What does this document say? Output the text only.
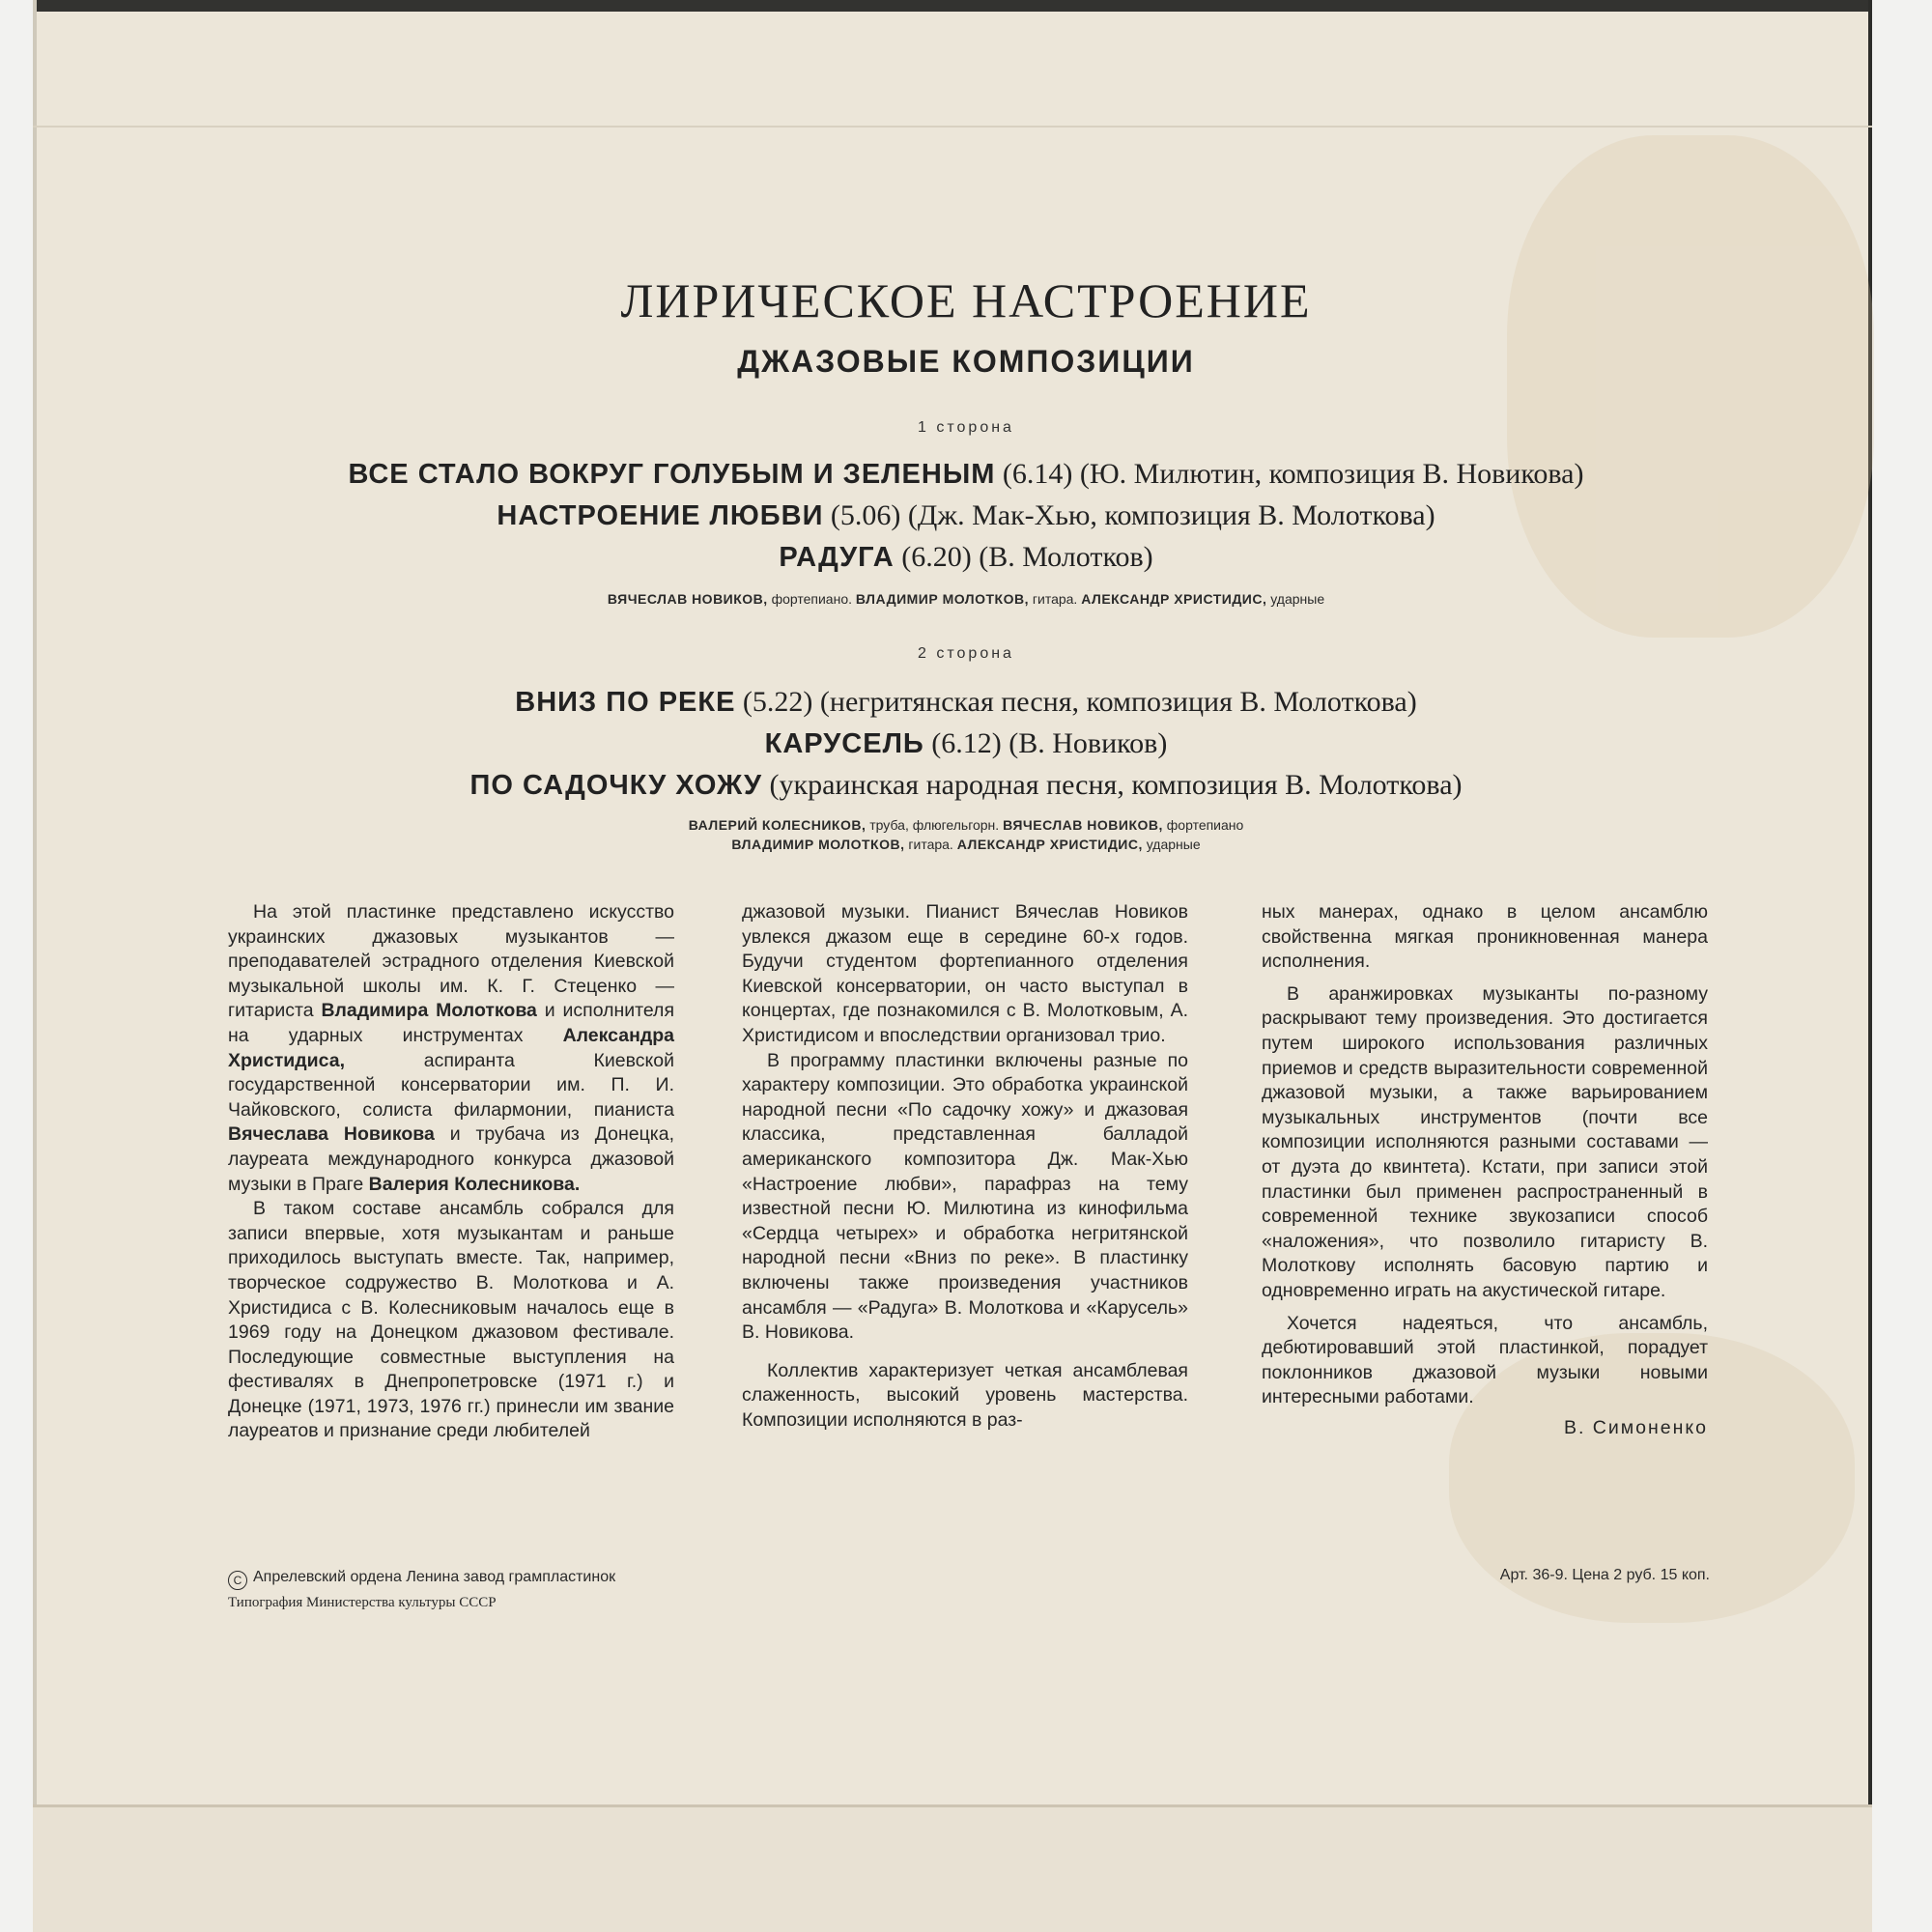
ЛИРИЧЕСКОЕ НАСТРОЕНИЕ
ДЖАЗОВЫЕ КОМПОЗИЦИИ
1 сторона
ВСЕ СТАЛО ВОКРУГ ГОЛУБЫМ И ЗЕЛЕНЫМ (6.14) (Ю. Милютин, композиция В. Новикова)
НАСТРОЕНИЕ ЛЮБВИ (5.06) (Дж. Мак-Хью, композиция В. Молоткова)
РАДУГА (6.20) (В. Молотков)
ВЯЧЕСЛАВ НОВИКОВ, фортепиано. ВЛАДИМИР МОЛОТКОВ, гитара. АЛЕКСАНДР ХРИСТИДИС, ударные
2 сторона
ВНИЗ ПО РЕКЕ (5.22) (негритянская песня, композиция В. Молоткова)
КАРУСЕЛЬ (6.12) (В. Новиков)
ПО САДОЧКУ ХОЖУ (украинская народная песня, композиция В. Молоткова)
ВАЛЕРИЙ КОЛЕСНИКОВ, труба, флюгельгорн. ВЯЧЕСЛАВ НОВИКОВ, фортепиано
ВЛАДИМИР МОЛОТКОВ, гитара. АЛЕКСАНДР ХРИСТИДИС, ударные

На этой пластинке представлено искусство украинских джазовых музыкантов — преподавателей эстрадного отделения Киевской музыкальной школы им. К. Г. Стеценко — гитариста Владимира Молоткова и исполнителя на ударных инструментах Александра Христидиса, аспиранта Киевской государственной консерватории им. П. И. Чайковского, солиста филармонии, пианиста Вячеслава Новикова и трубача из Донецка, лауреата международного конкурса джазовой музыки в Праге Валерия Колесникова.

В таком составе ансамбль собрался для записи впервые, хотя музыкантам и раньше приходилось выступать вместе. Так, например, творческое содружество В. Молоткова и А. Христидиса с В. Колесниковым началось еще в 1969 году на Донецком джазовом фестивале. Последующие совместные выступления на фестивалях в Днепропетровске (1971 г.) и Донецке (1971, 1973, 1976 гг.) принесли им звание лауреатов и признание среди любителей

джазовой музыки. Пианист Вячеслав Новиков увлекся джазом еще в середине 60-х годов. Будучи студентом фортепианного отделения Киевской консерватории, он часто выступал в концертах, где познакомился с В. Молотковым, А. Христидисом и впоследствии организовал трио.

В программу пластинки включены разные по характеру композиции. Это обработка украинской народной песни «По садочку хожу» и джазовая классика, представленная балладой американского композитора Дж. Мак-Хью «Настроение любви», парафраз на тему известной песни Ю. Милютина из кинофильма «Сердца четырех» и обработка негритянской народной песни «Вниз по реке». В пластинку включены также произведения участников ансамбля — «Радуга» В. Молоткова и «Карусель» В. Новикова.

Коллектив характеризует четкая ансамблевая слаженность, высокий уровень мастерства. Композиции исполняются в раз-

ных манерах, однако в целом ансамблю свойственна мягкая проникновенная манера исполнения.

В аранжировках музыканты по-разному раскрывают тему произведения. Это достигается путем широкого использования различных приемов и средств выразительности современной джазовой музыки, а также варьированием музыкальных инструментов (почти все композиции исполняются разными составами — от дуэта до квинтета). Кстати, при записи этой пластинки был применен распространенный в современной технике звукозаписи способ «наложения», что позволило гитаристу В. Молоткову исполнять басовую партию и одновременно играть на акустической гитаре.

Хочется надеяться, что ансамбль, дебютировавший этой пластинкой, порадует поклонников джазовой музыки новыми интересными работами.

В. Симоненко

C Апрелевский ордена Ленина завод грампластинок
Типография Министерства культуры СССР
Арт. 36-9. Цена 2 руб. 15 коп.
